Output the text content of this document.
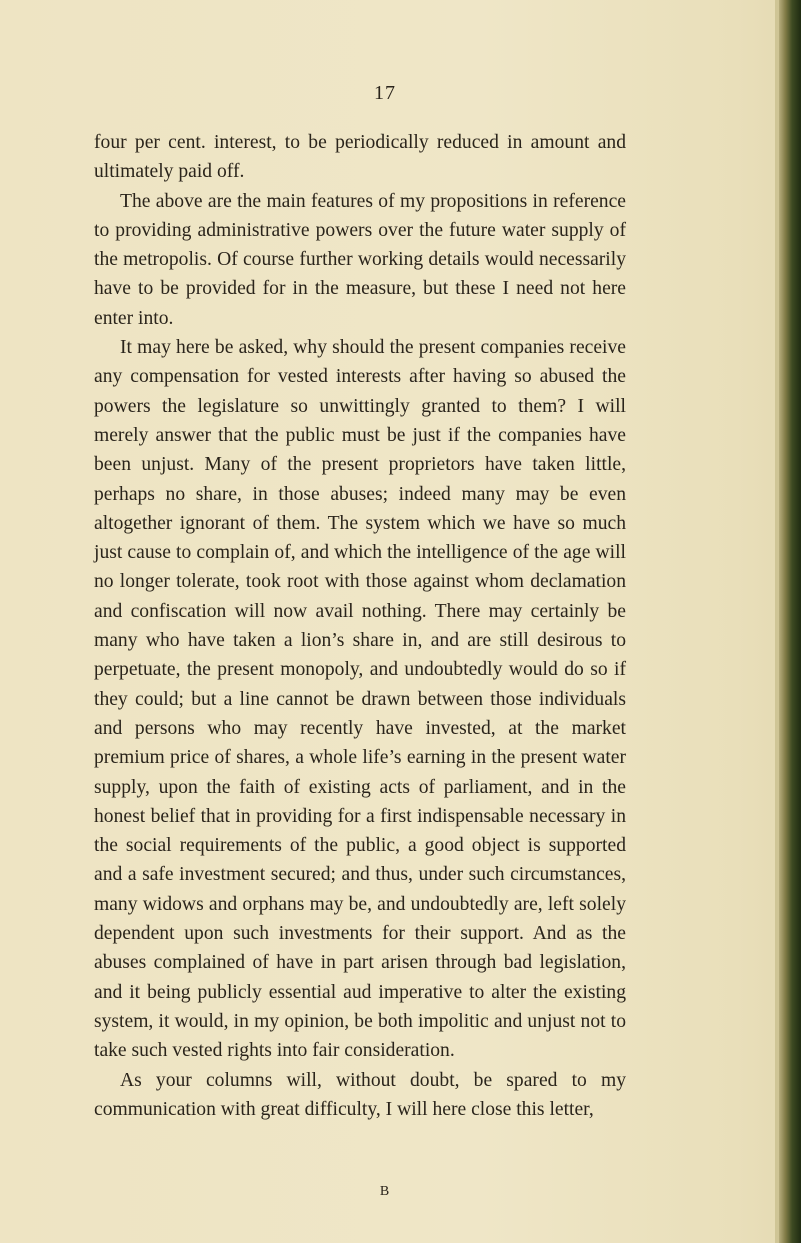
17

four per cent. interest, to be periodically reduced in amount and ultimately paid off.

The above are the main features of my propositions in reference to providing administrative powers over the future water supply of the metropolis. Of course further working details would necessarily have to be provided for in the measure, but these I need not here enter into.

It may here be asked, why should the present companies receive any compensation for vested interests after having so abused the powers the legislature so unwittingly granted to them? I will merely answer that the public must be just if the companies have been unjust. Many of the present proprietors have taken little, perhaps no share, in those abuses; indeed many may be even altogether ignorant of them. The system which we have so much just cause to complain of, and which the intelligence of the age will no longer tolerate, took root with those against whom declamation and confiscation will now avail nothing. There may certainly be many who have taken a lion’s share in, and are still desirous to perpetuate, the present monopoly, and undoubtedly would do so if they could; but a line cannot be drawn between those individuals and persons who may recently have invested, at the market premium price of shares, a whole life’s earning in the present water supply, upon the faith of existing acts of parliament, and in the honest belief that in providing for a first indispensable necessary in the social requirements of the public, a good object is supported and a safe investment secured; and thus, under such circumstances, many widows and orphans may be, and undoubtedly are, left solely dependent upon such investments for their support. And as the abuses complained of have in part arisen through bad legislation, and it being publicly essential aud imperative to alter the existing system, it would, in my opinion, be both impolitic and unjust not to take such vested rights into fair consideration.

As your columns will, without doubt, be spared to my communication with great difficulty, I will here close this letter,

B
